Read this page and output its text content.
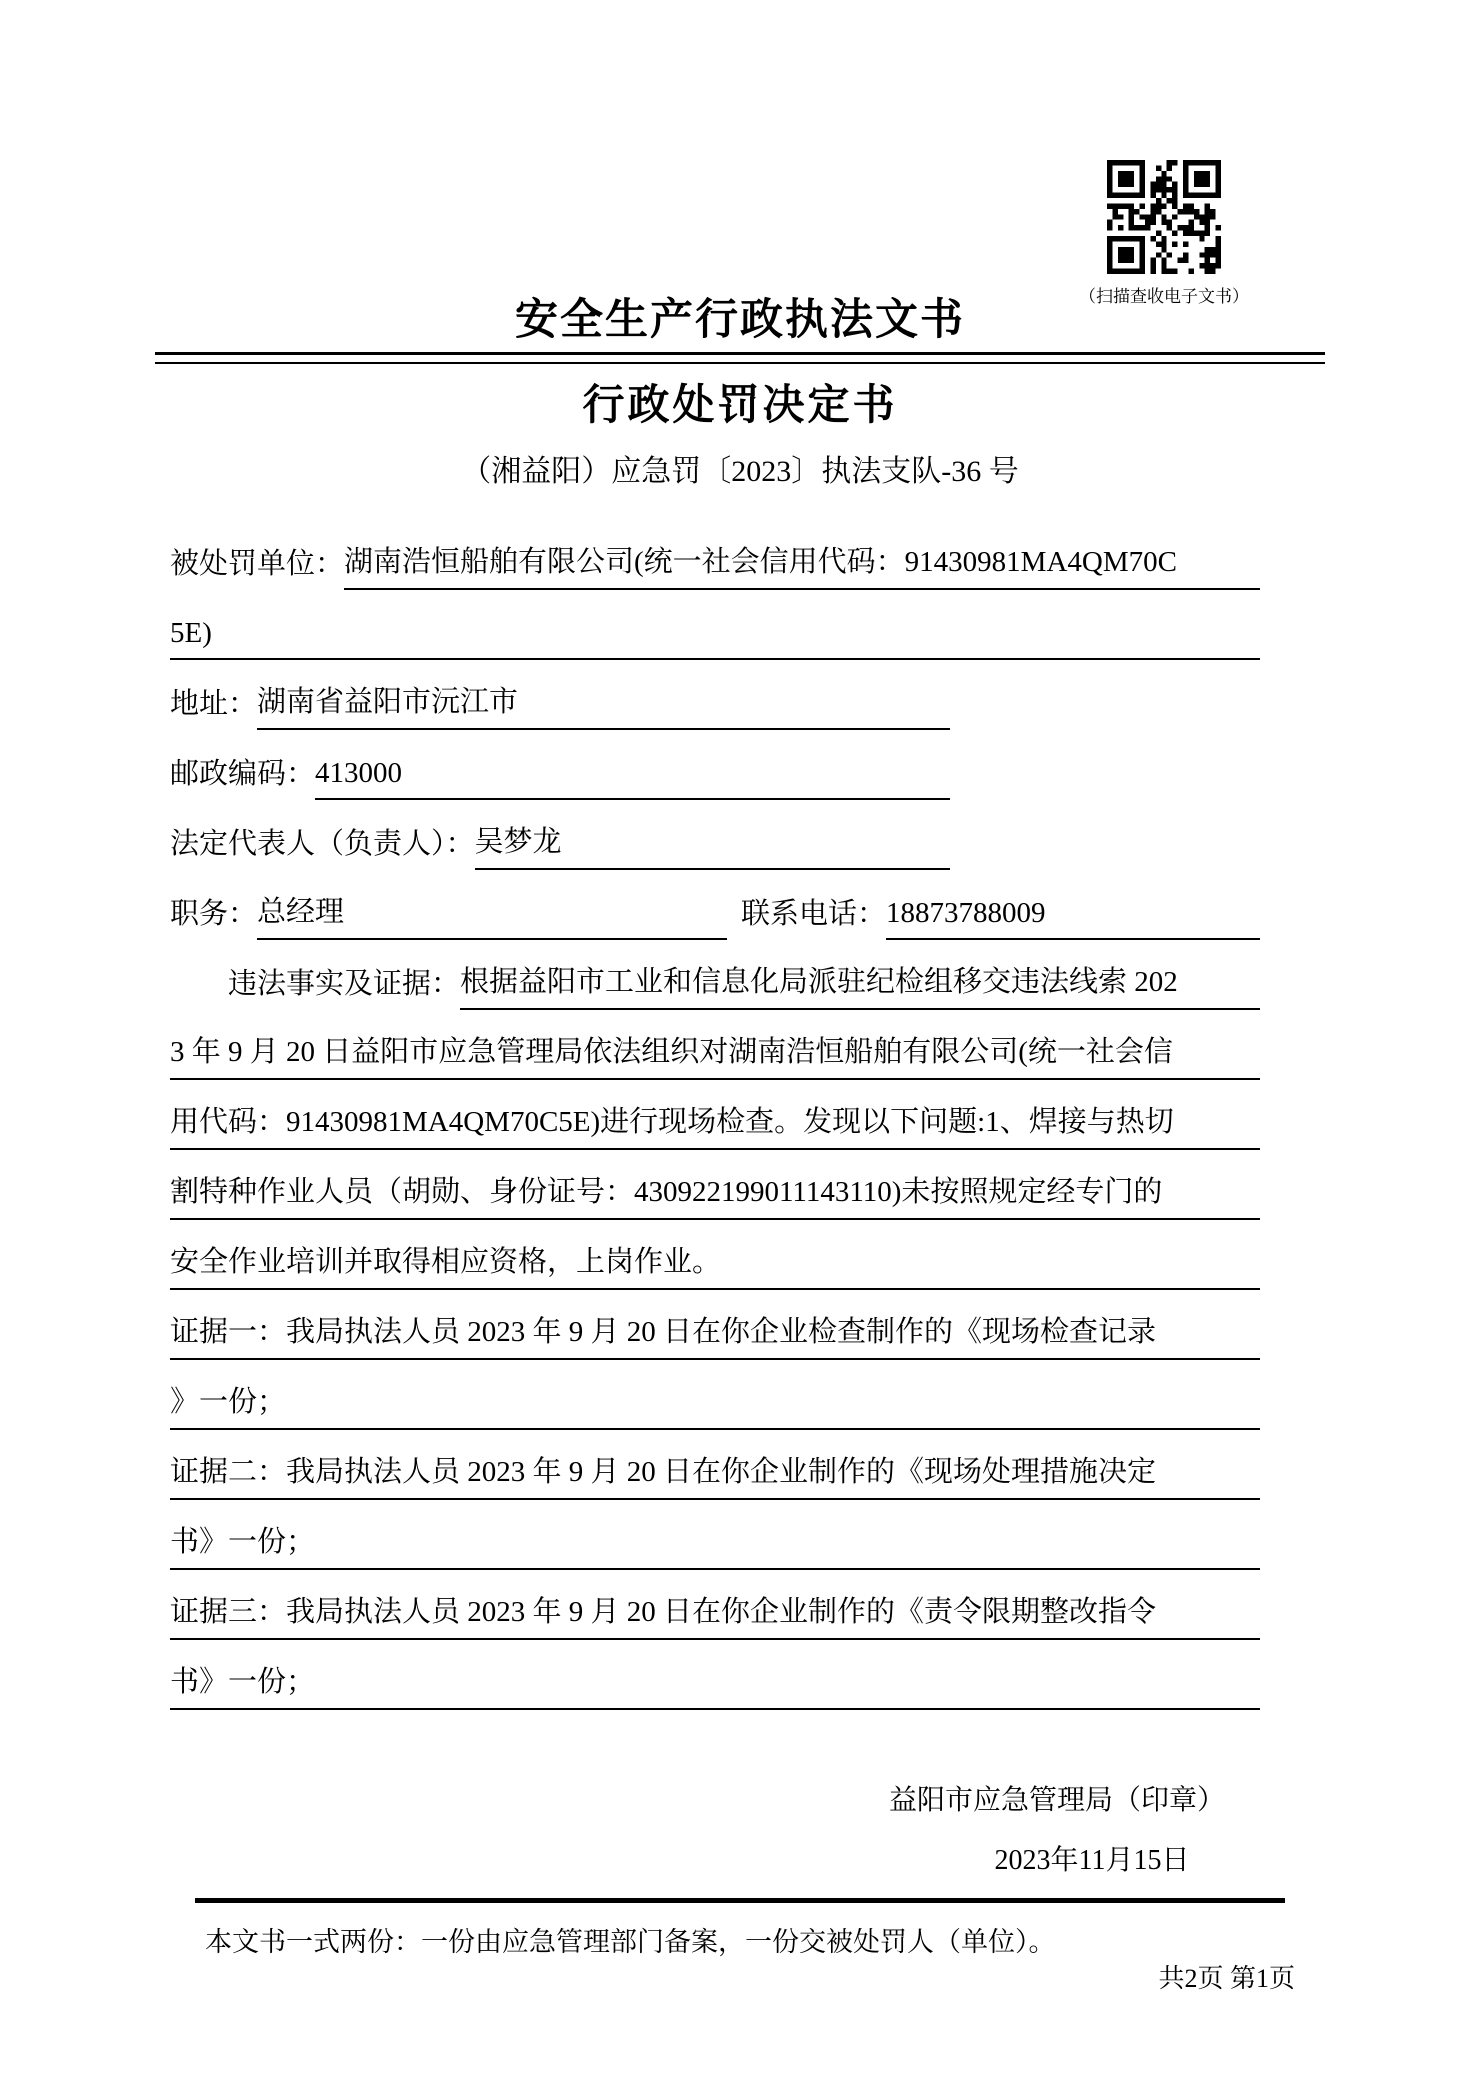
（扫描查收电子文书）
安全生产行政执法文书
行政处罚决定书
（湘益阳）应急罚〔2023〕执法支队-36 号
被处罚单位： 湖南浩恒船舶有限公司(统一社会信用代码：91430981MA4QM70C
5E)
地址： 湖南省益阳市沅江市
邮政编码： 413000
法定代表人（负责人）： 吴梦龙
职务： 总经理	联系电话： 18873788009
违法事实及证据： 根据益阳市工业和信息化局派驻纪检组移交违法线索 202
3 年 9 月 20 日益阳市应急管理局依法组织对湖南浩恒船舶有限公司(统一社会信
用代码：91430981MA4QM70C5E)进行现场检查。发现以下问题:1、焊接与热切
割特种作业人员（胡勋、身份证号：430922199011143110)未按照规定经专门的
安全作业培训并取得相应资格，上岗作业。
证据一：我局执法人员 2023 年 9 月 20 日在你企业检查制作的《现场检查记录
》一份；
证据二：我局执法人员 2023 年 9 月 20 日在你企业制作的《现场处理措施决定
书》一份；
证据三：我局执法人员 2023 年 9 月 20 日在你企业制作的《责令限期整改指令
书》一份；
益阳市应急管理局（印章）
2023年11月15日
本文书一式两份：一份由应急管理部门备案，一份交被处罚人（单位）。
共2页 第1页
